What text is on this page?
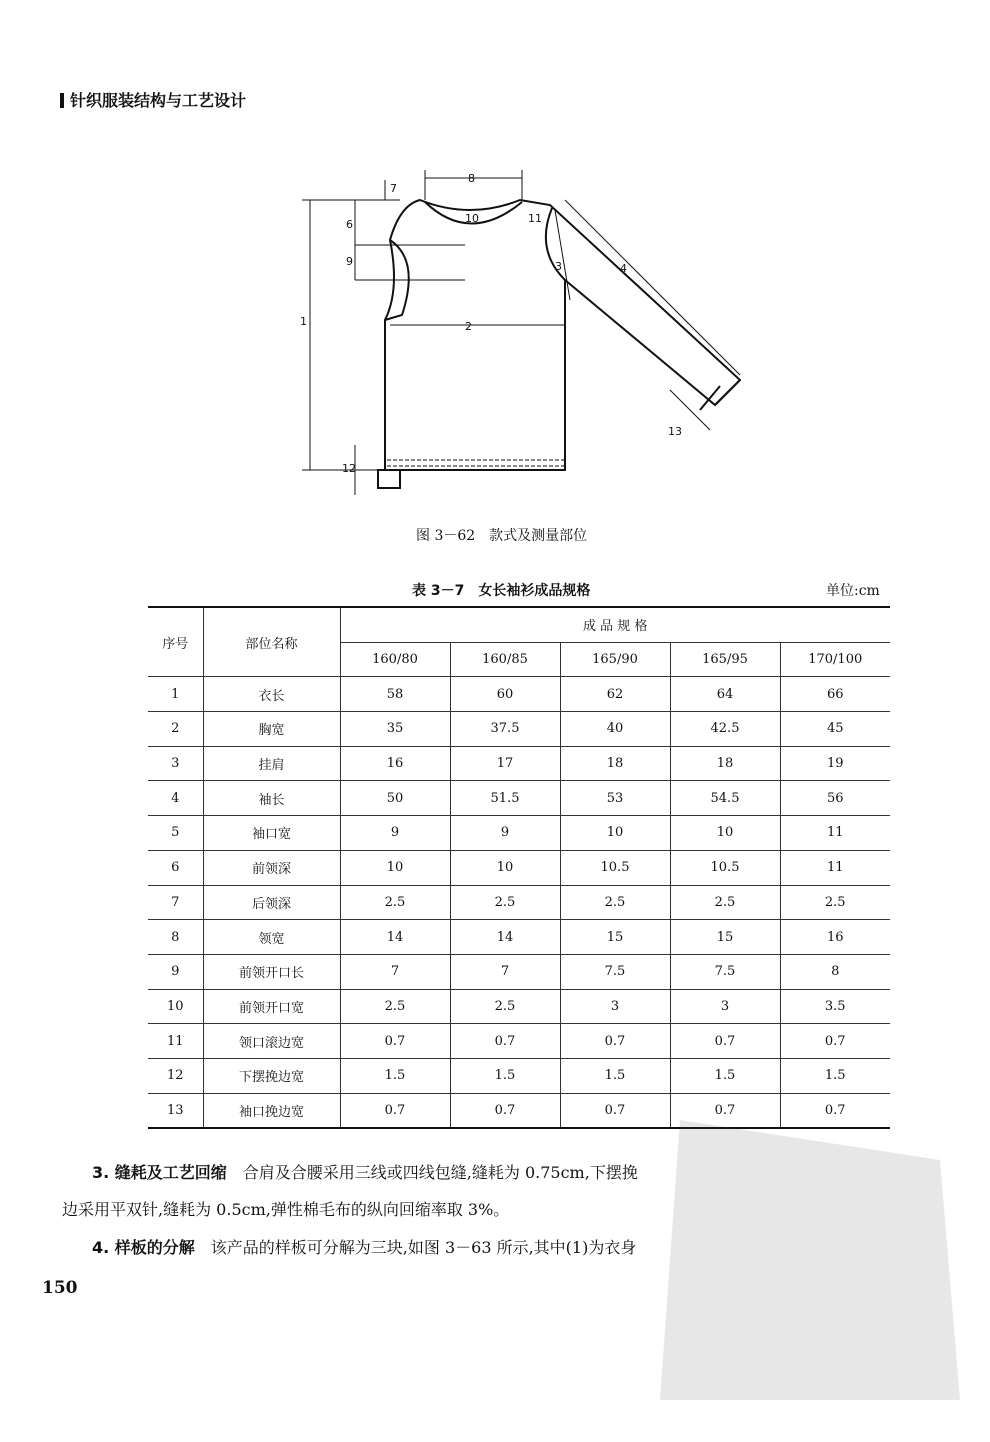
针织服装结构与工艺设计
1	2
3	4
6
7
8
9
10	11
12
13
图 3－62　款式及测量部位
表 3－7　女长袖衫成品规格	单位:cm
序号	部位名称	成 品 规 格				
		160/80	160/85	165/90	165/95	170/100
1	衣长	58	60	62	64	66
2	胸宽	35	37.5	40	42.5	45
3	挂肩	16	17	18	18	19
4	袖长	50	51.5	53	54.5	56
5	袖口宽	9	9	10	10	11
6	前领深	10	10	10.5	10.5	11
7	后领深	2.5	2.5	2.5	2.5	2.5
8	领宽	14	14	15	15	16
9	前领开口长	7	7	7.5	7.5	8
10	前领开口宽	2.5	2.5	3	3	3.5
11	领口滚边宽	0.7	0.7	0.7	0.7	0.7
12	下摆挽边宽	1.5	1.5	1.5	1.5	1.5
13	袖口挽边宽	0.7	0.7	0.7	0.7	0.7
3. 缝耗及工艺回缩　合肩及合腰采用三线或四线包缝,缝耗为 0.75cm,下摆挽
边采用平双针,缝耗为 0.5cm,弹性棉毛布的纵向回缩率取 3%。
4. 样板的分解　该产品的样板可分解为三块,如图 3－63 所示,其中(1)为衣身
150
